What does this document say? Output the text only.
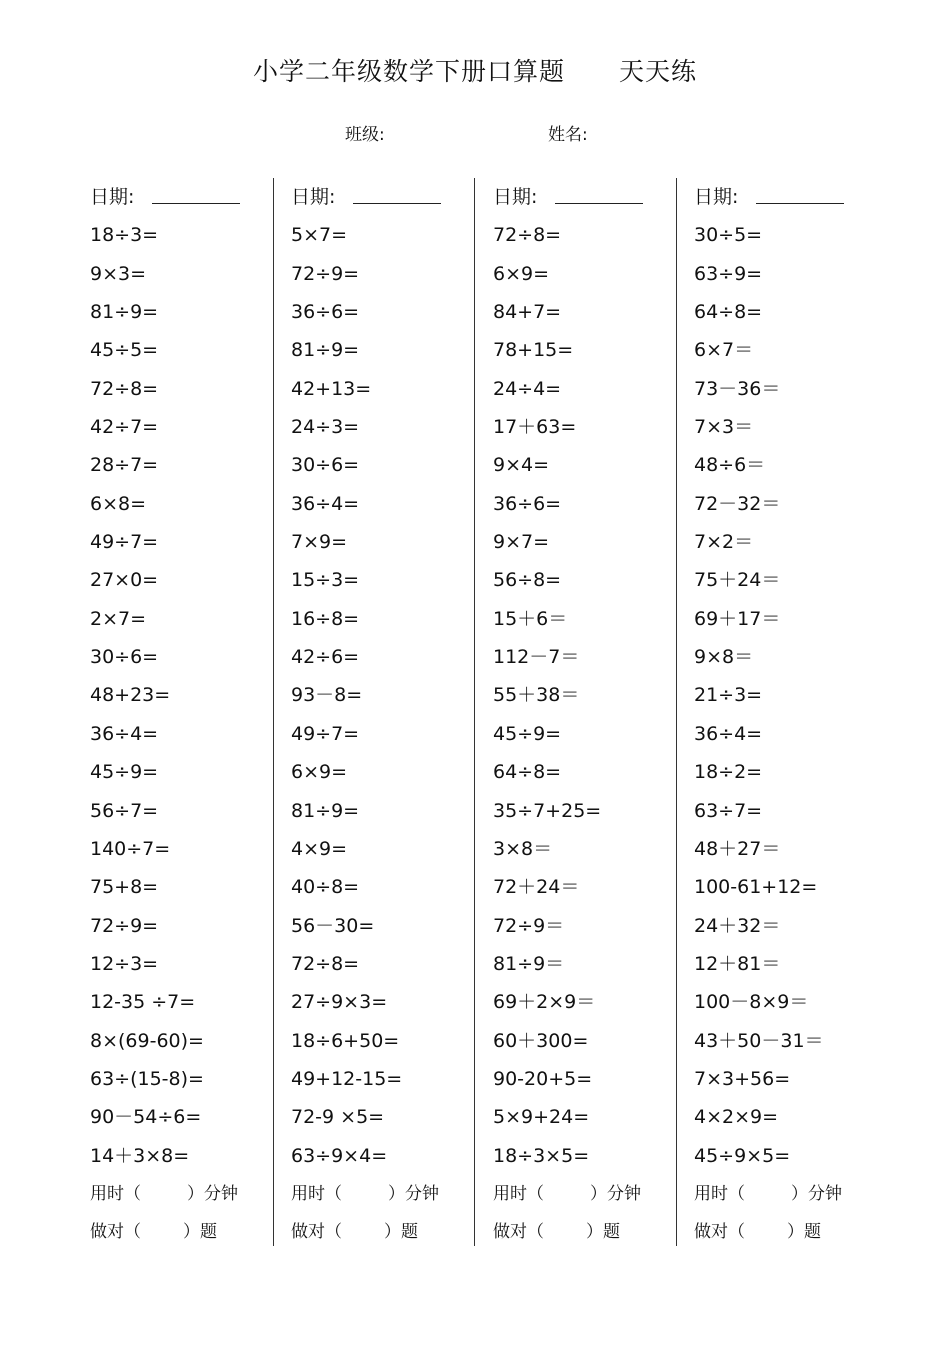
小学二年级数学下册口算题 天天练
班级:	姓名:
日期:
18÷3=
9×3=
81÷9=
45÷5=
72÷8=
42÷7=
28÷7=
6×8=
49÷7=
27×0=
2×7=
30÷6=
48+23=
36÷4=
45÷9=
56÷7=
140÷7=
75+8=
72÷9=
12÷3=
12-35 ÷7=
8×(69-60)=
63÷(15-8)=
90－54÷6=
14＋3×8=
用时（	）分钟
做对（ ）题
日期:
5×7=
72÷9=
36÷6=
81÷9=
42+13=
24÷3=
30÷6=
36÷4=
7×9=
15÷3=
16÷8=
42÷6=
93－8=
49÷7=
6×9=
81÷9=
4×9=
40÷8=
56－30=
72÷8=
27÷9×3=
18÷6+50=
49+12-15=
72-9 ×5=
63÷9×4=
用时（	）分钟
做对（ ）题
日期:
72÷8=
6×9=
84+7=
78+15=
24÷4=
17＋63=
9×4=
36÷6=
9×7=
56÷8=
15＋6＝
112－7＝
55＋38＝
45÷9=
64÷8=
35÷7+25=
3×8＝
72＋24＝
72÷9＝
81÷9＝
69＋2×9＝
60＋300=
90-20+5=
5×9+24=
18÷3×5=
用时（	）分钟
做对（ ）题
日期:
30÷5=
63÷9=
64÷8=
6×7＝
73－36＝
7×3＝
48÷6＝
72－32＝
7×2＝
75＋24＝
69＋17＝
9×8＝
21÷3=
36÷4=
18÷2=
63÷7=
48＋27＝
100-61+12=
24＋32＝
12＋81＝
100－8×9＝
43＋50－31＝
7×3+56=
4×2×9=
45÷9×5=
用时（	）分钟
做对（ ）题
